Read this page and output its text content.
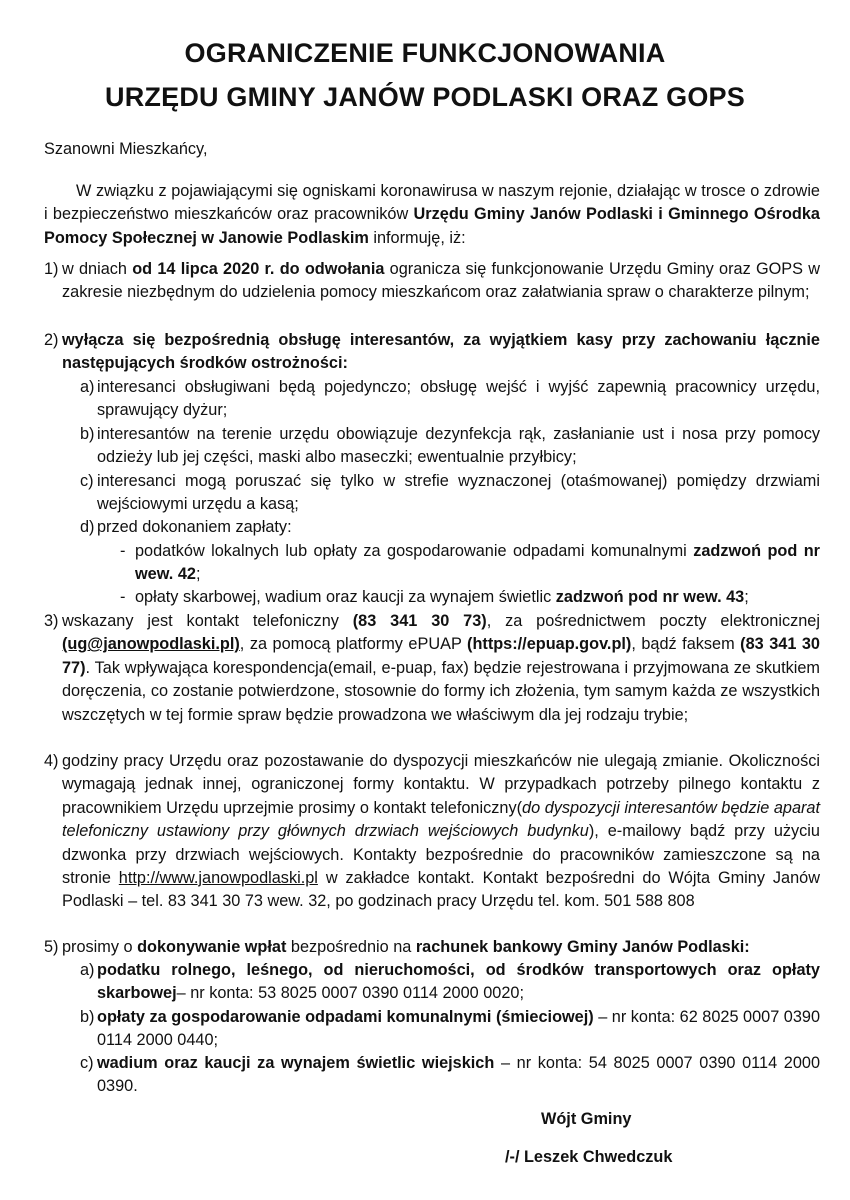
OGRANICZENIE FUNKCJONOWANIA
URZĘDU GMINY JANÓW PODLASKI ORAZ GOPS
Szanowni Mieszkańcy,
W związku z pojawiającymi się ogniskami koronawirusa w naszym rejonie, działając w trosce o zdrowie i bezpieczeństwo mieszkańców oraz pracowników Urzędu Gminy Janów Podlaski i Gminnego Ośrodka Pomocy Społecznej w Janowie Podlaskim informuję, iż:
1) w dniach od 14 lipca 2020 r. do odwołania ogranicza się funkcjonowanie Urzędu Gminy oraz GOPS w zakresie niezbędnym do udzielenia pomocy mieszkańcom oraz załatwiania spraw o charakterze pilnym;
2) wyłącza się bezpośrednią obsługę interesantów, za wyjątkiem kasy przy zachowaniu łącznie następujących środków ostrożności:
a) interesanci obsługiwani będą pojedynczo; obsługę wejść i wyjść zapewnią pracownicy urzędu, sprawujący dyżur;
b) interesantów na terenie urzędu obowiązuje dezynfekcja rąk, zasłanianie ust i nosa przy pomocy odzieży lub jej części, maski albo maseczki; ewentualnie przyłbicy;
c) interesanci mogą poruszać się tylko w strefie wyznaczonej (otaśmowanej) pomiędzy drzwiami wejściowymi urzędu a kasą;
d) przed dokonaniem zapłaty:
- podatków lokalnych lub opłaty za gospodarowanie odpadami komunalnymi zadzwoń pod nr wew. 42;
- opłaty skarbowej, wadium oraz kaucji za wynajem świetlic zadzwoń pod nr wew. 43;
3) wskazany jest kontakt telefoniczny (83 341 30 73), za pośrednictwem poczty elektronicznej (ug@janowpodlaski.pl), za pomocą platformy ePUAP (https://epuap.gov.pl), bądź faksem (83 341 30 77). Tak wpływająca korespondencja(email, e-puap, fax) będzie rejestrowana i przyjmowana ze skutkiem doręczenia, co zostanie potwierdzone, stosownie do formy ich złożenia, tym samym każda ze wszystkich wszczętych w tej formie spraw będzie prowadzona we właściwym dla jej rodzaju trybie;
4) godziny pracy Urzędu oraz pozostawanie do dyspozycji mieszkańców nie ulegają zmianie. Okoliczności wymagają jednak innej, ograniczonej formy kontaktu. W przypadkach potrzeby pilnego kontaktu z pracownikiem Urzędu uprzejmie prosimy o kontakt telefoniczny(do dyspozycji interesantów będzie aparat telefoniczny ustawiony przy głównych drzwiach wejściowych budynku), e-mailowy bądź przy użyciu dzwonka przy drzwiach wejściowych. Kontakty bezpośrednie do pracowników zamieszczone są na stronie http://www.janowpodlaski.pl w zakładce kontakt. Kontakt bezpośredni do Wójta Gminy Janów Podlaski – tel. 83 341 30 73 wew. 32, po godzinach pracy Urzędu tel. kom. 501 588 808
5) prosimy o dokonywanie wpłat bezpośrednio na rachunek bankowy Gminy Janów Podlaski:
a) podatku rolnego, leśnego, od nieruchomości, od środków transportowych oraz opłaty skarbowej– nr konta: 53 8025 0007 0390 0114 2000 0020;
b) opłaty za gospodarowanie odpadami komunalnymi (śmieciowej) – nr konta: 62 8025 0007 0390 0114 2000 0440;
c) wadium oraz kaucji za wynajem świetlic wiejskich – nr konta: 54 8025 0007 0390 0114 2000 0390.
Wójt Gminy
/-/ Leszek Chwedczuk
